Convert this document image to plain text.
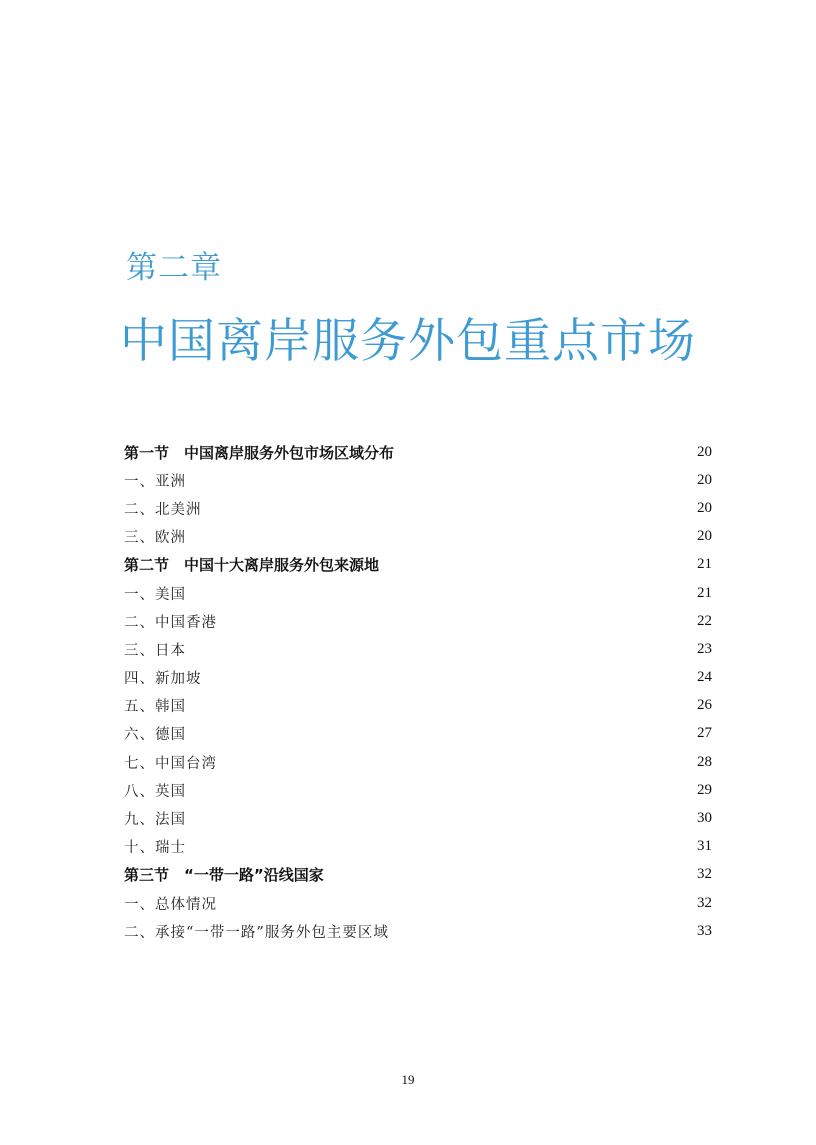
第二章
中国离岸服务外包重点市场
第一节　中国离岸服务外包市场区域分布	20
一、亚洲	20
二、北美洲	20
三、欧洲	20
第二节　中国十大离岸服务外包来源地	21
一、美国	21
二、中国香港	22
三、日本	23
四、新加坡	24
五、韩国	26
六、德国	27
七、中国台湾	28
八、英国	29
九、法国	30
十、瑞士	31
第三节　“一带一路”沿线国家	32
一、总体情况	32
二、承接“一带一路”服务外包主要区域	33
19
